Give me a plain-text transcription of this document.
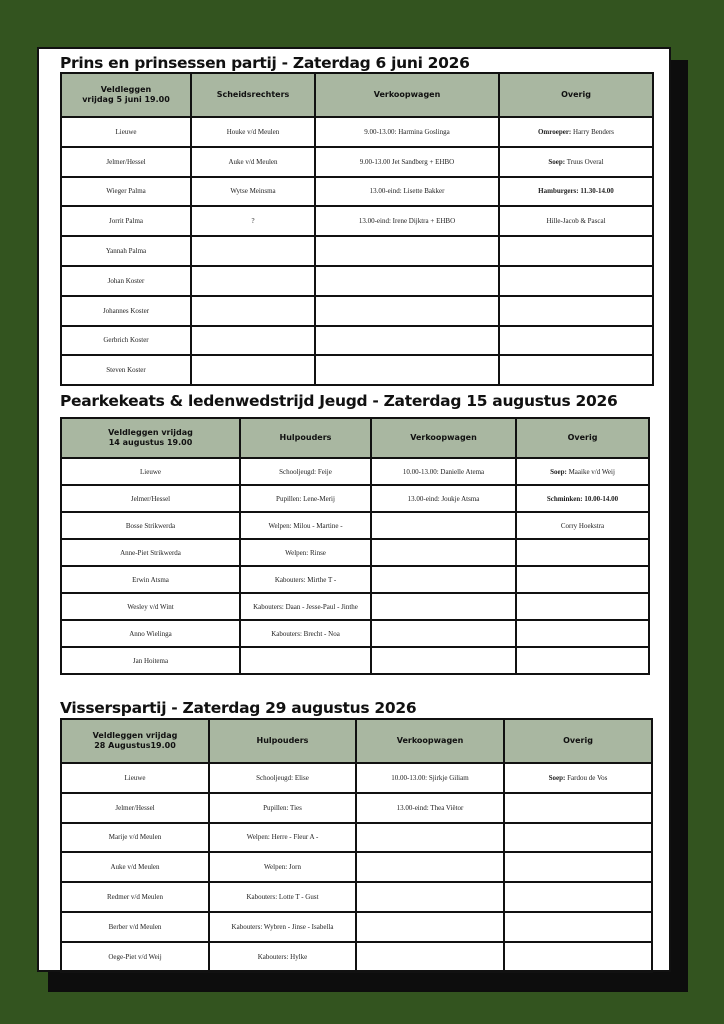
Prins en prinsessen partij - Zaterdag 6 juni 2026
Veldleggen
vrijdag 5 juni 19.00	Scheidsrechters	Verkoopwagen	Overig
Lieuwe	Houke v/d Meulen	9.00-13.00: Harmina Goslinga	Omroeper: Harry Benders
Jelmer/Hessel	Auke v/d Meulen	9.00-13.00 Jet Sandberg + EHBO	Soep: Truus Overal
Wieger Palma	Wytse Meinsma	13.00-eind: Lisette Bakker	Hamburgers: 11.30-14.00
Jorrit Palma	?	13.00-eind: Irene Dijktra + EHBO	Hille-Jacob & Pascal
Yannah Palma			
Johan Koster			
Johannes Koster			
Gerbrich Koster			
Steven Koster			
Pearkekeats & ledenwedstrijd Jeugd - Zaterdag 15 augustus 2026
Veldleggen vrijdag
14 augustus 19.00	Hulpouders	Verkoopwagen	Overig
Lieuwe	Schooljeugd: Feije	10.00-13.00: Danielle Atema	Soep: Maaike v/d Weij
Jelmer/Hessel	Pupillen: Lene-Merij	13.00-eind: Joukje Atsma	Schminken: 10.00-14.00
Bosse Strikwerda	Welpen: Milou - Martine -		Corry Hoekstra
Anne-Piet Strikwerda	Welpen: Rinse		
Erwin Atsma	Kabouters: Mirthe T -		
Wesley v/d Wint	Kabouters: Daan - Jesse-Paul - Jinthe		
Anno Wielinga	Kabouters: Brecht - Noa		
Jan Hoitema			
Visserspartij - Zaterdag 29 augustus 2026
Veldleggen vrijdag
28 Augustus19.00	Hulpouders	Verkoopwagen	Overig
Lieuwe	Schooljeugd: Elise	10.00-13.00: Sjirkje Giliam	Soep: Fardou de Vos
Jelmer/Hessel	Pupillen: Ties	13.00-eind: Thea Viëtor	
Marije v/d Meulen	Welpen: Herre - Fleur A -		
Auke v/d Meulen	Welpen: Jorn		
Redmer v/d Meulen	Kabouters: Lotte T - Gust		
Berber v/d Meulen	Kabouters: Wybren - Jinse - Isabella		
Oege-Piet v/d Weij	Kabouters: Hylke		
